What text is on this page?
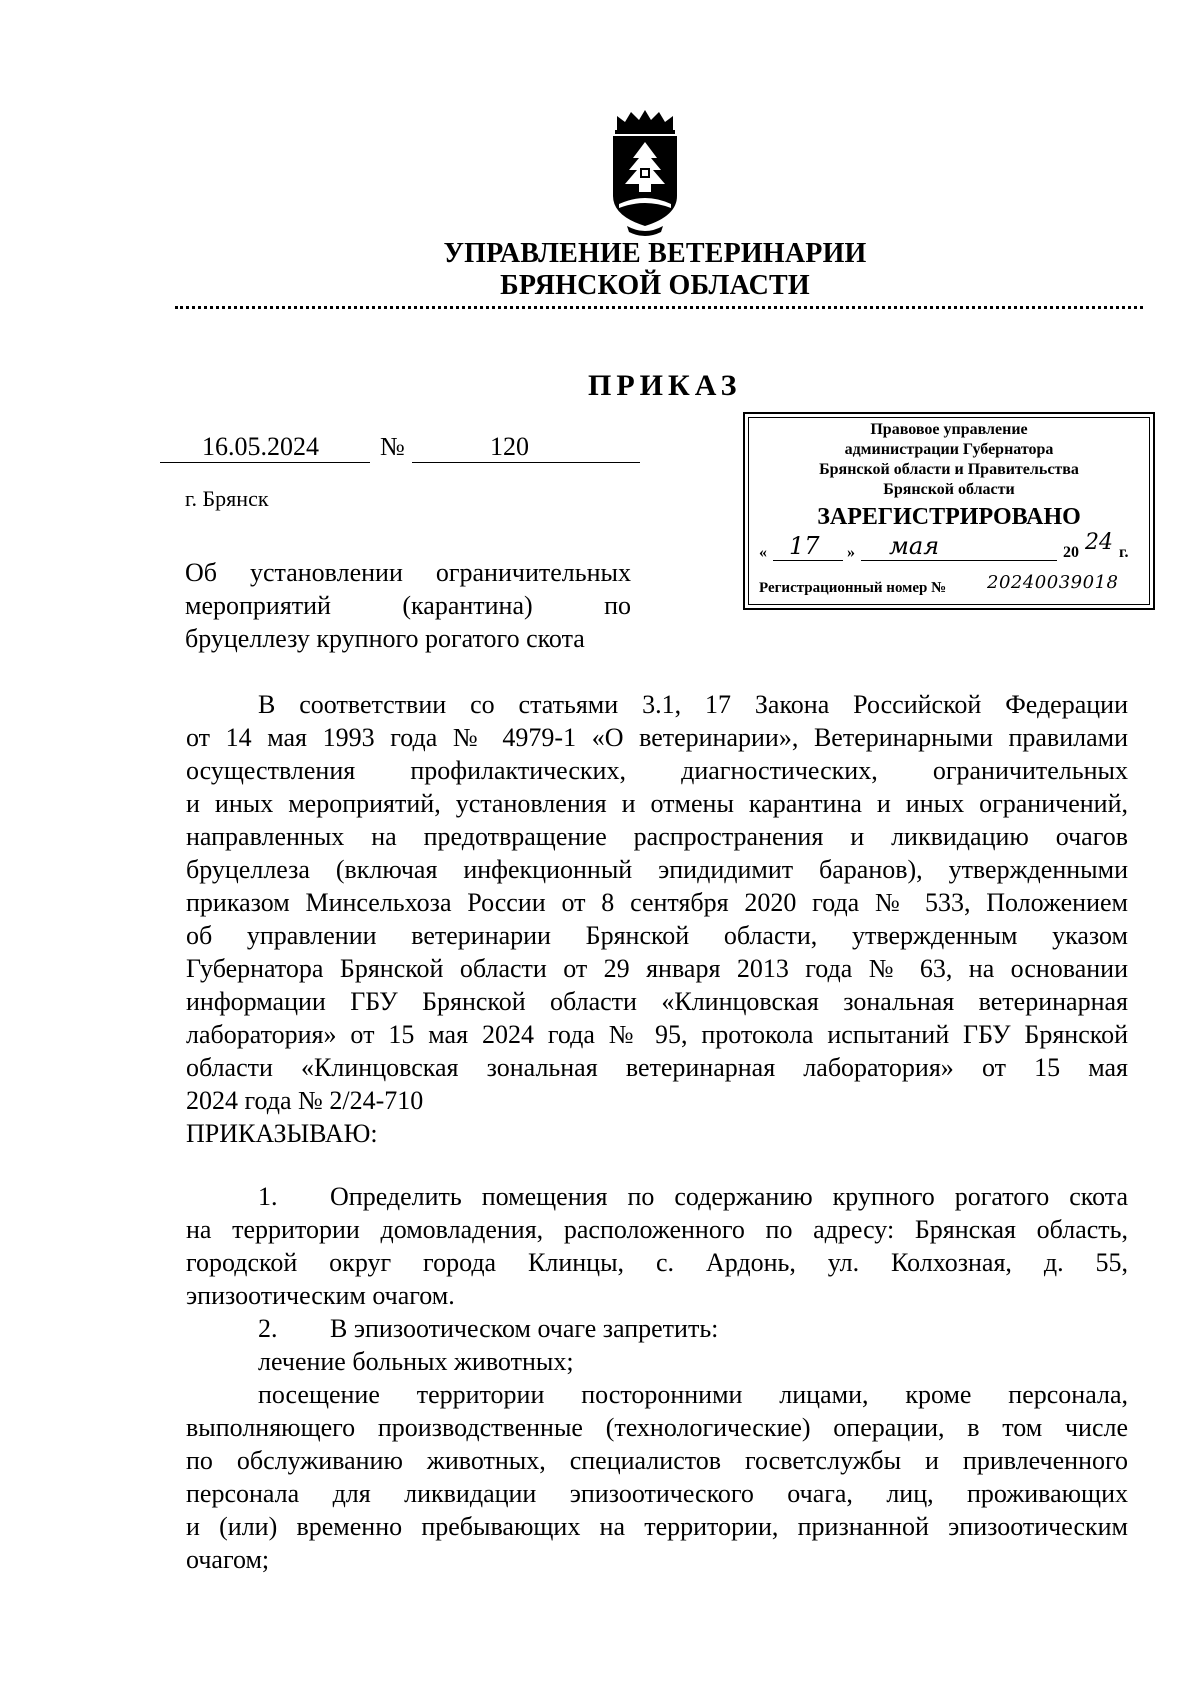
УПРАВЛЕНИЕ ВЕТЕРИНАРИИ
БРЯНСКОЙ ОБЛАСТИ
ПРИКАЗ
16.05.2024 №	120
г. Брянск
Об установлении ограничительных
мероприятий (карантина) по
бруцеллезу крупного рогатого скота
Правовое управление
администрации Губернатора
Брянской области и Правительства
Брянской области
ЗАРЕГИСТРИРОВАНО
« 17 » мая	20 24 г.
Регистрационный номер № 20240039018
В соответствии со статьями 3.1, 17 Закона Российской Федерации
от 14 мая 1993 года № 4979-1 «О ветеринарии», Ветеринарными правилами
осуществления профилактических, диагностических, ограничительных
и иных мероприятий, установления и отмены карантина и иных ограничений,
направленных на предотвращение распространения и ликвидацию очагов
бруцеллеза (включая инфекционный эпидидимит баранов), утвержденными
приказом Минсельхоза России от 8 сентября 2020 года № 533, Положением
об управлении ветеринарии Брянской области, утвержденным указом
Губернатора Брянской области от 29 января 2013 года № 63, на основании
информации ГБУ Брянской области «Клинцовская зональная ветеринарная
лаборатория» от 15 мая 2024 года № 95, протокола испытаний ГБУ Брянской
области «Клинцовская зональная ветеринарная лаборатория» от 15 мая
2024 года № 2/24-710
ПРИКАЗЫВАЮ:
1. Определить помещения по содержанию крупного рогатого скота
на территории домовладения, расположенного по адресу: Брянская область,
городской округ города Клинцы, с. Ардонь, ул. Колхозная, д. 55,
эпизоотическим очагом.
2. В эпизоотическом очаге запретить:
лечение больных животных;
посещение территории посторонними лицами, кроме персонала,
выполняющего производственные (технологические) операции, в том числе
по обслуживанию животных, специалистов госветслужбы и привлеченного
персонала для ликвидации эпизоотического очага, лиц, проживающих
и (или) временно пребывающих на территории, признанной эпизоотическим
очагом;
